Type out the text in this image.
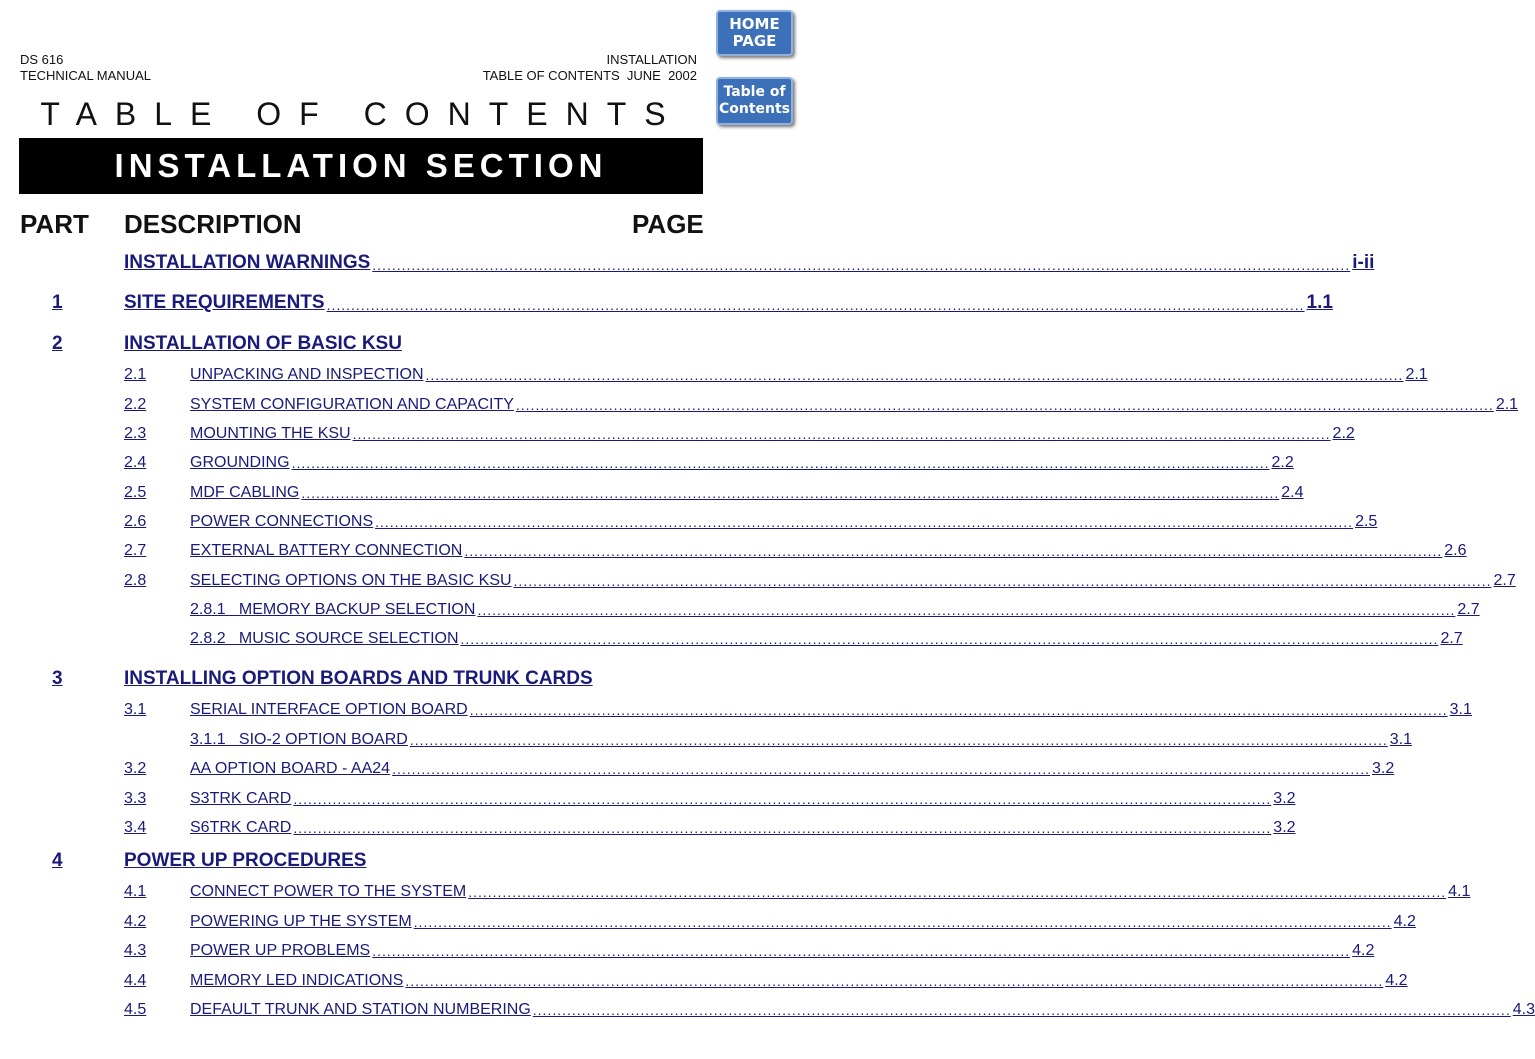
DS 616
TECHNICAL MANUAL
INSTALLATION
TABLE OF CONTENTS  JUNE  2002
HOME
PAGE
Table of
Contents
TABLE OF CONTENTS
INSTALLATION SECTION
PART DESCRIPTION	PAGE
INSTALLATION WARNINGS ........................................................................................................................................................................................................ i-ii
1	SITE REQUIREMENTS ........................................................................................................................................................................................................ 1.1
2	INSTALLATION OF BASIC KSU
2.1	UNPACKING AND INSPECTION ........................................................................................................................................................................................................ 2.1
2.2	SYSTEM CONFIGURATION AND CAPACITY ........................................................................................................................................................................................................ 2.1
2.3	MOUNTING THE KSU ........................................................................................................................................................................................................ 2.2
2.4	GROUNDING ........................................................................................................................................................................................................ 2.2
2.5	MDF CABLING ........................................................................................................................................................................................................ 2.4
2.6	POWER CONNECTIONS ........................................................................................................................................................................................................ 2.5
2.7	EXTERNAL BATTERY CONNECTION ........................................................................................................................................................................................................ 2.6
2.8	SELECTING OPTIONS ON THE BASIC KSU ........................................................................................................................................................................................................ 2.7
2.8.1   MEMORY BACKUP SELECTION ........................................................................................................................................................................................................ 2.7
2.8.2   MUSIC SOURCE SELECTION ........................................................................................................................................................................................................ 2.7
3	INSTALLING OPTION BOARDS AND TRUNK CARDS
3.1	SERIAL INTERFACE OPTION BOARD ........................................................................................................................................................................................................ 3.1
3.1.1   SIO-2 OPTION BOARD ........................................................................................................................................................................................................ 3.1
3.2	AA OPTION BOARD - AA24 ........................................................................................................................................................................................................ 3.2
3.3	S3TRK CARD ........................................................................................................................................................................................................ 3.2
3.4	S6TRK CARD ........................................................................................................................................................................................................ 3.2
4	POWER UP PROCEDURES
4.1	CONNECT POWER TO THE SYSTEM ........................................................................................................................................................................................................ 4.1
4.2	POWERING UP THE SYSTEM ........................................................................................................................................................................................................ 4.2
4.3	POWER UP PROBLEMS ........................................................................................................................................................................................................ 4.2
4.4	MEMORY LED INDICATIONS ........................................................................................................................................................................................................ 4.2
4.5	DEFAULT TRUNK AND STATION NUMBERING ........................................................................................................................................................................................................ 4.3
